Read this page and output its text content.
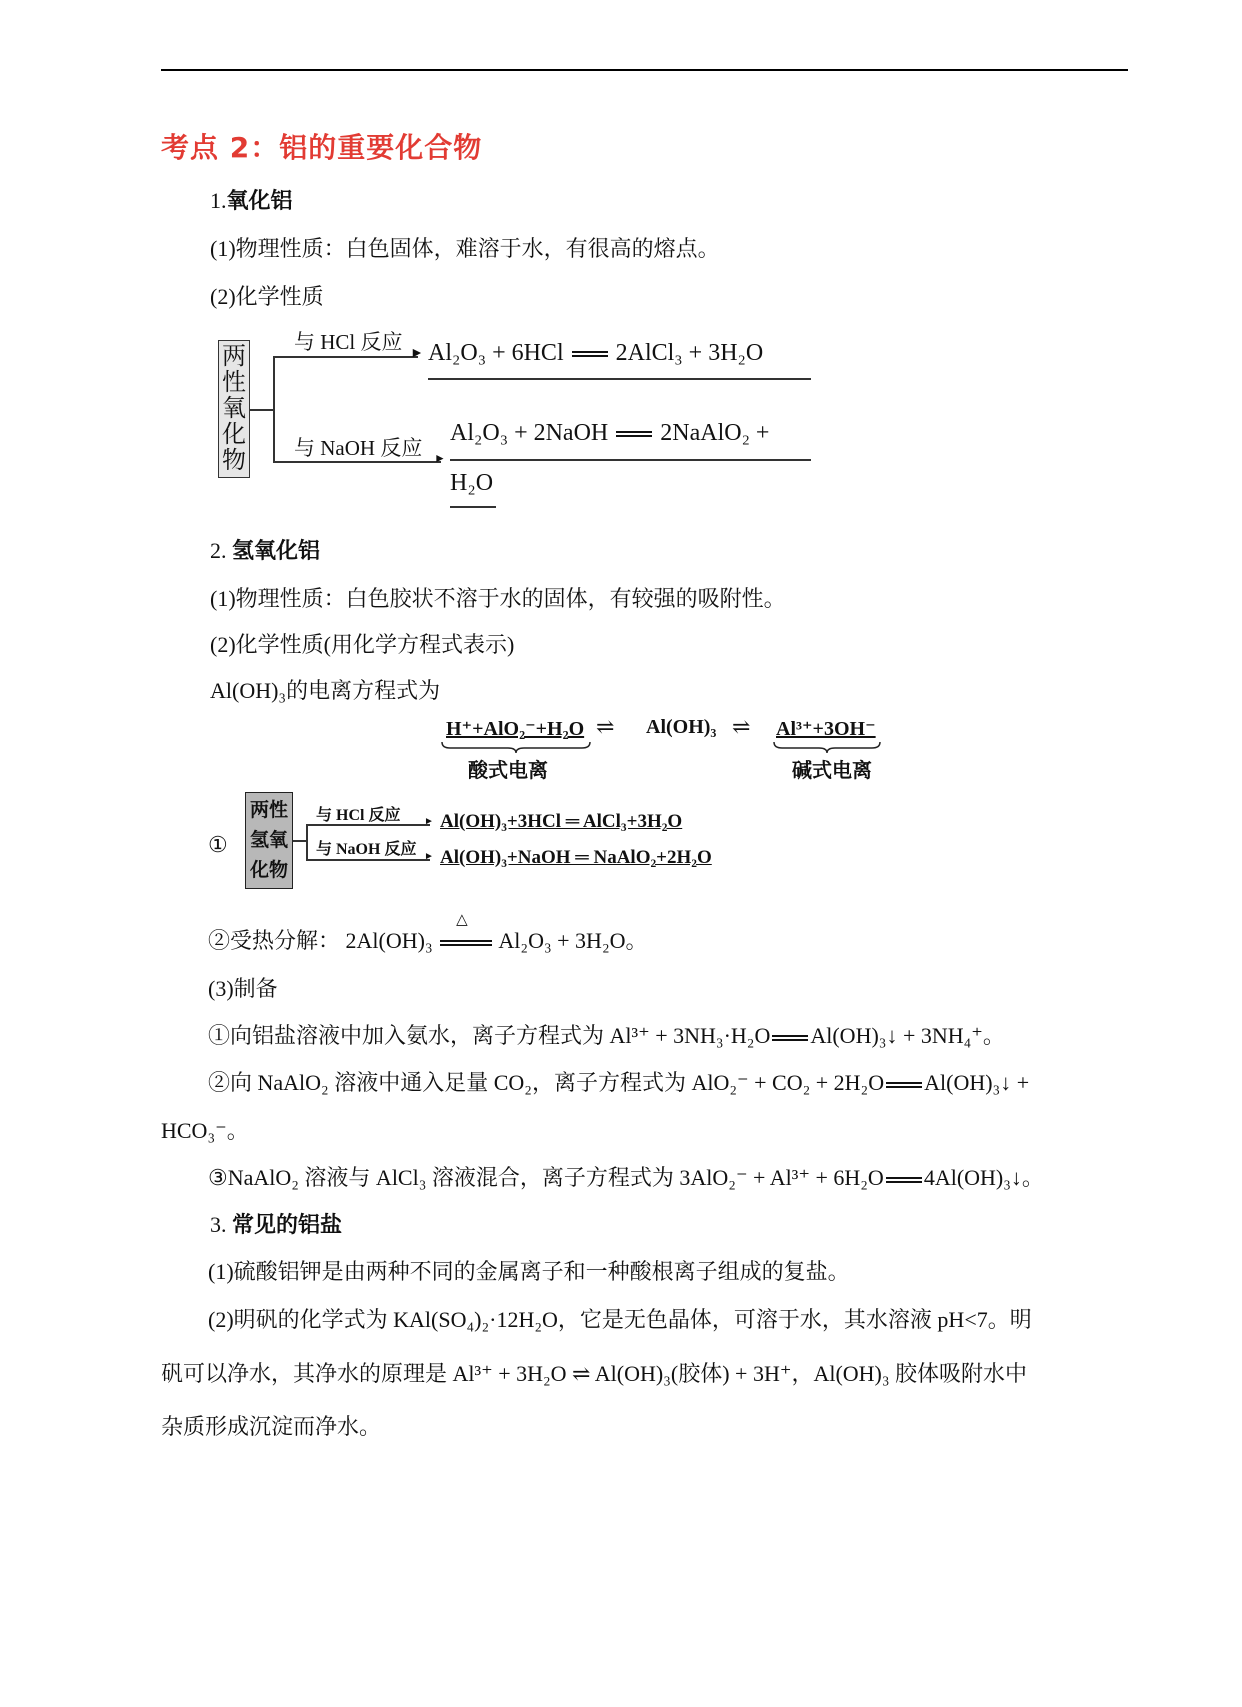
考点 2：铝的重要化合物
1.氧化铝
(1)物理性质：白色固体，难溶于水，有很高的熔点。
(2)化学性质
两
性
氧
化
物
►
►
与 HCl 反应 Al₂O₃ + 6HCl 2AlCl₃ + 3H₂O
与 NaOH 反应
Al₂O₃ + 2NaOH 2NaAlO₂ +
H₂O
2. 氢氧化铝
(1)物理性质：白色胶状不溶于水的固体，有较强的吸附性。
(2)化学性质(用化学方程式表示)
Al(OH)₃的电离方程式为
H⁺+AlO₂⁻+H₂O ⇌ Al(OH)₃ ⇌ Al³⁺+3OH⁻
酸式电离	碱式电离
①
两性
氢氧
化物
►
►
与 HCl 反应
与 NaOH 反应
Al(OH)₃+3HCl ═ AlCl₃+3H₂O
Al(OH)₃+NaOH ═ NaAlO₂+2H₂O
②受热分解： 2Al(OH)₃
△
Al₂O₃ + 3H₂O。
(3)制备
①向铝盐溶液中加入氨水，离子方程式为 Al³⁺ + 3NH₃·H₂O Al(OH)₃↓ + 3NH₄⁺。
②向 NaAlO₂ 溶液中通入足量 CO₂，离子方程式为 AlO₂⁻ + CO₂ + 2H₂O Al(OH)₃↓ +
HCO₃⁻。
③NaAlO₂ 溶液与 AlCl₃ 溶液混合，离子方程式为 3AlO₂⁻ + Al³⁺ + 6H₂O 4Al(OH)₃↓。
3. 常见的铝盐
(1)硫酸铝钾是由两种不同的金属离子和一种酸根离子组成的复盐。
(2)明矾的化学式为 KAl(SO₄)₂·12H₂O，它是无色晶体，可溶于水，其水溶液 pH<7。明
矾可以净水，其净水的原理是 Al³⁺ + 3H₂O ⇌ Al(OH)₃(胶体) + 3H⁺，Al(OH)₃ 胶体吸附水中
杂质形成沉淀而净水。
